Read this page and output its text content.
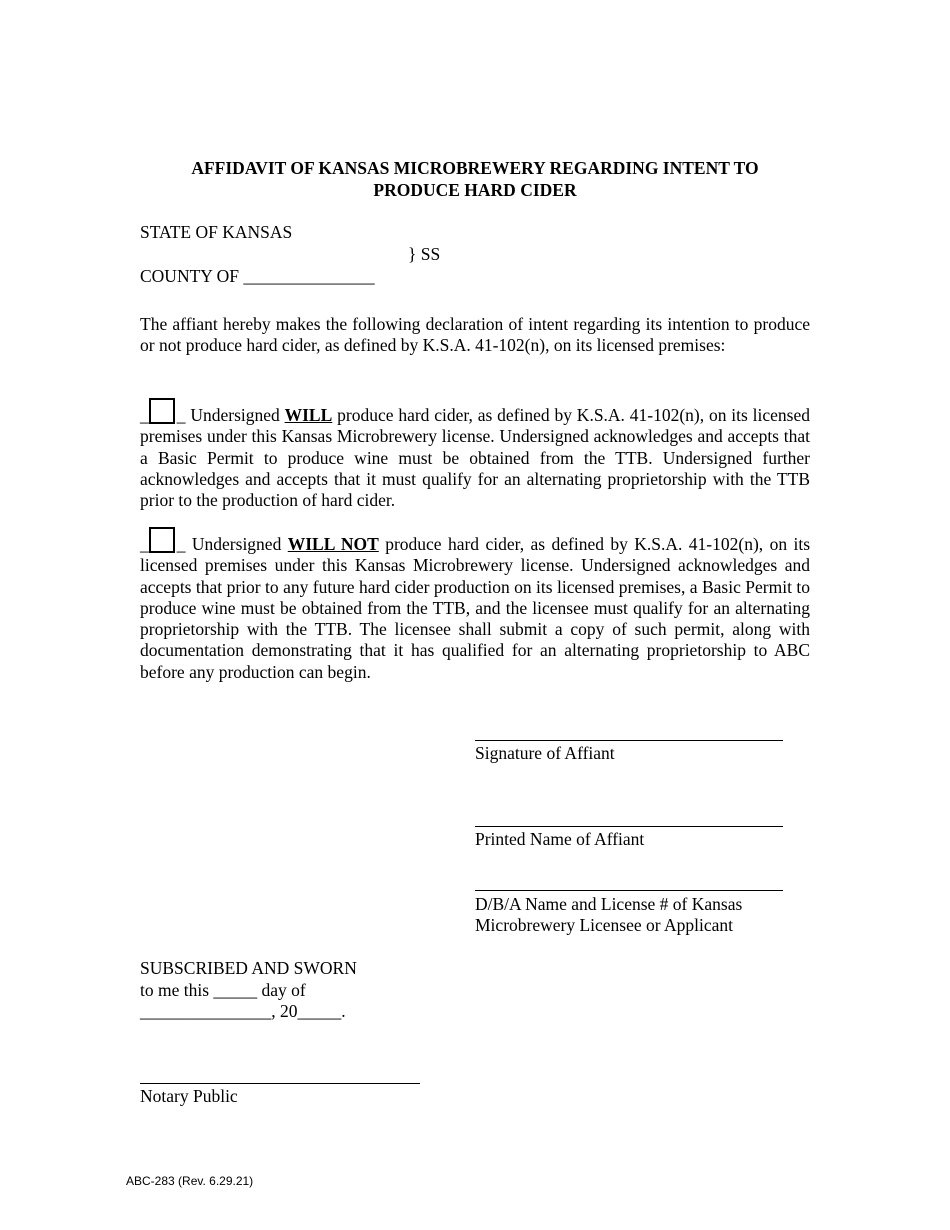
AFFIDAVIT OF KANSAS MICROBREWERY REGARDING INTENT TO
PRODUCE HARD CIDER
STATE OF KANSAS
} SS
COUNTY OF _______________
The affiant hereby makes the following declaration of intent regarding its intention to produce or not produce hard cider, as defined by K.S.A. 41-102(n), on its licensed premises:
_ _ Undersigned WILL produce hard cider, as defined by K.S.A. 41-102(n), on its licensed premises under this Kansas Microbrewery license. Undersigned acknowledges and accepts that a Basic Permit to produce wine must be obtained from the TTB. Undersigned further acknowledges and accepts that it must qualify for an alternating proprietorship with the TTB prior to the production of hard cider.
_ _ Undersigned WILL NOT produce hard cider, as defined by K.S.A. 41-102(n), on its licensed premises under this Kansas Microbrewery license. Undersigned acknowledges and accepts that prior to any future hard cider production on its licensed premises, a Basic Permit to produce wine must be obtained from the TTB, and the licensee must qualify for an alternating proprietorship with the TTB. The licensee shall submit a copy of such permit, along with documentation demonstrating that it has qualified for an alternating proprietorship to ABC before any production can begin.
Signature of Affiant
Printed Name of Affiant
D/B/A Name and License # of Kansas
Microbrewery Licensee or Applicant
SUBSCRIBED AND SWORN
to me this _____ day of
_______________, 20_____.
Notary Public
ABC-283 (Rev. 6.29.21)
